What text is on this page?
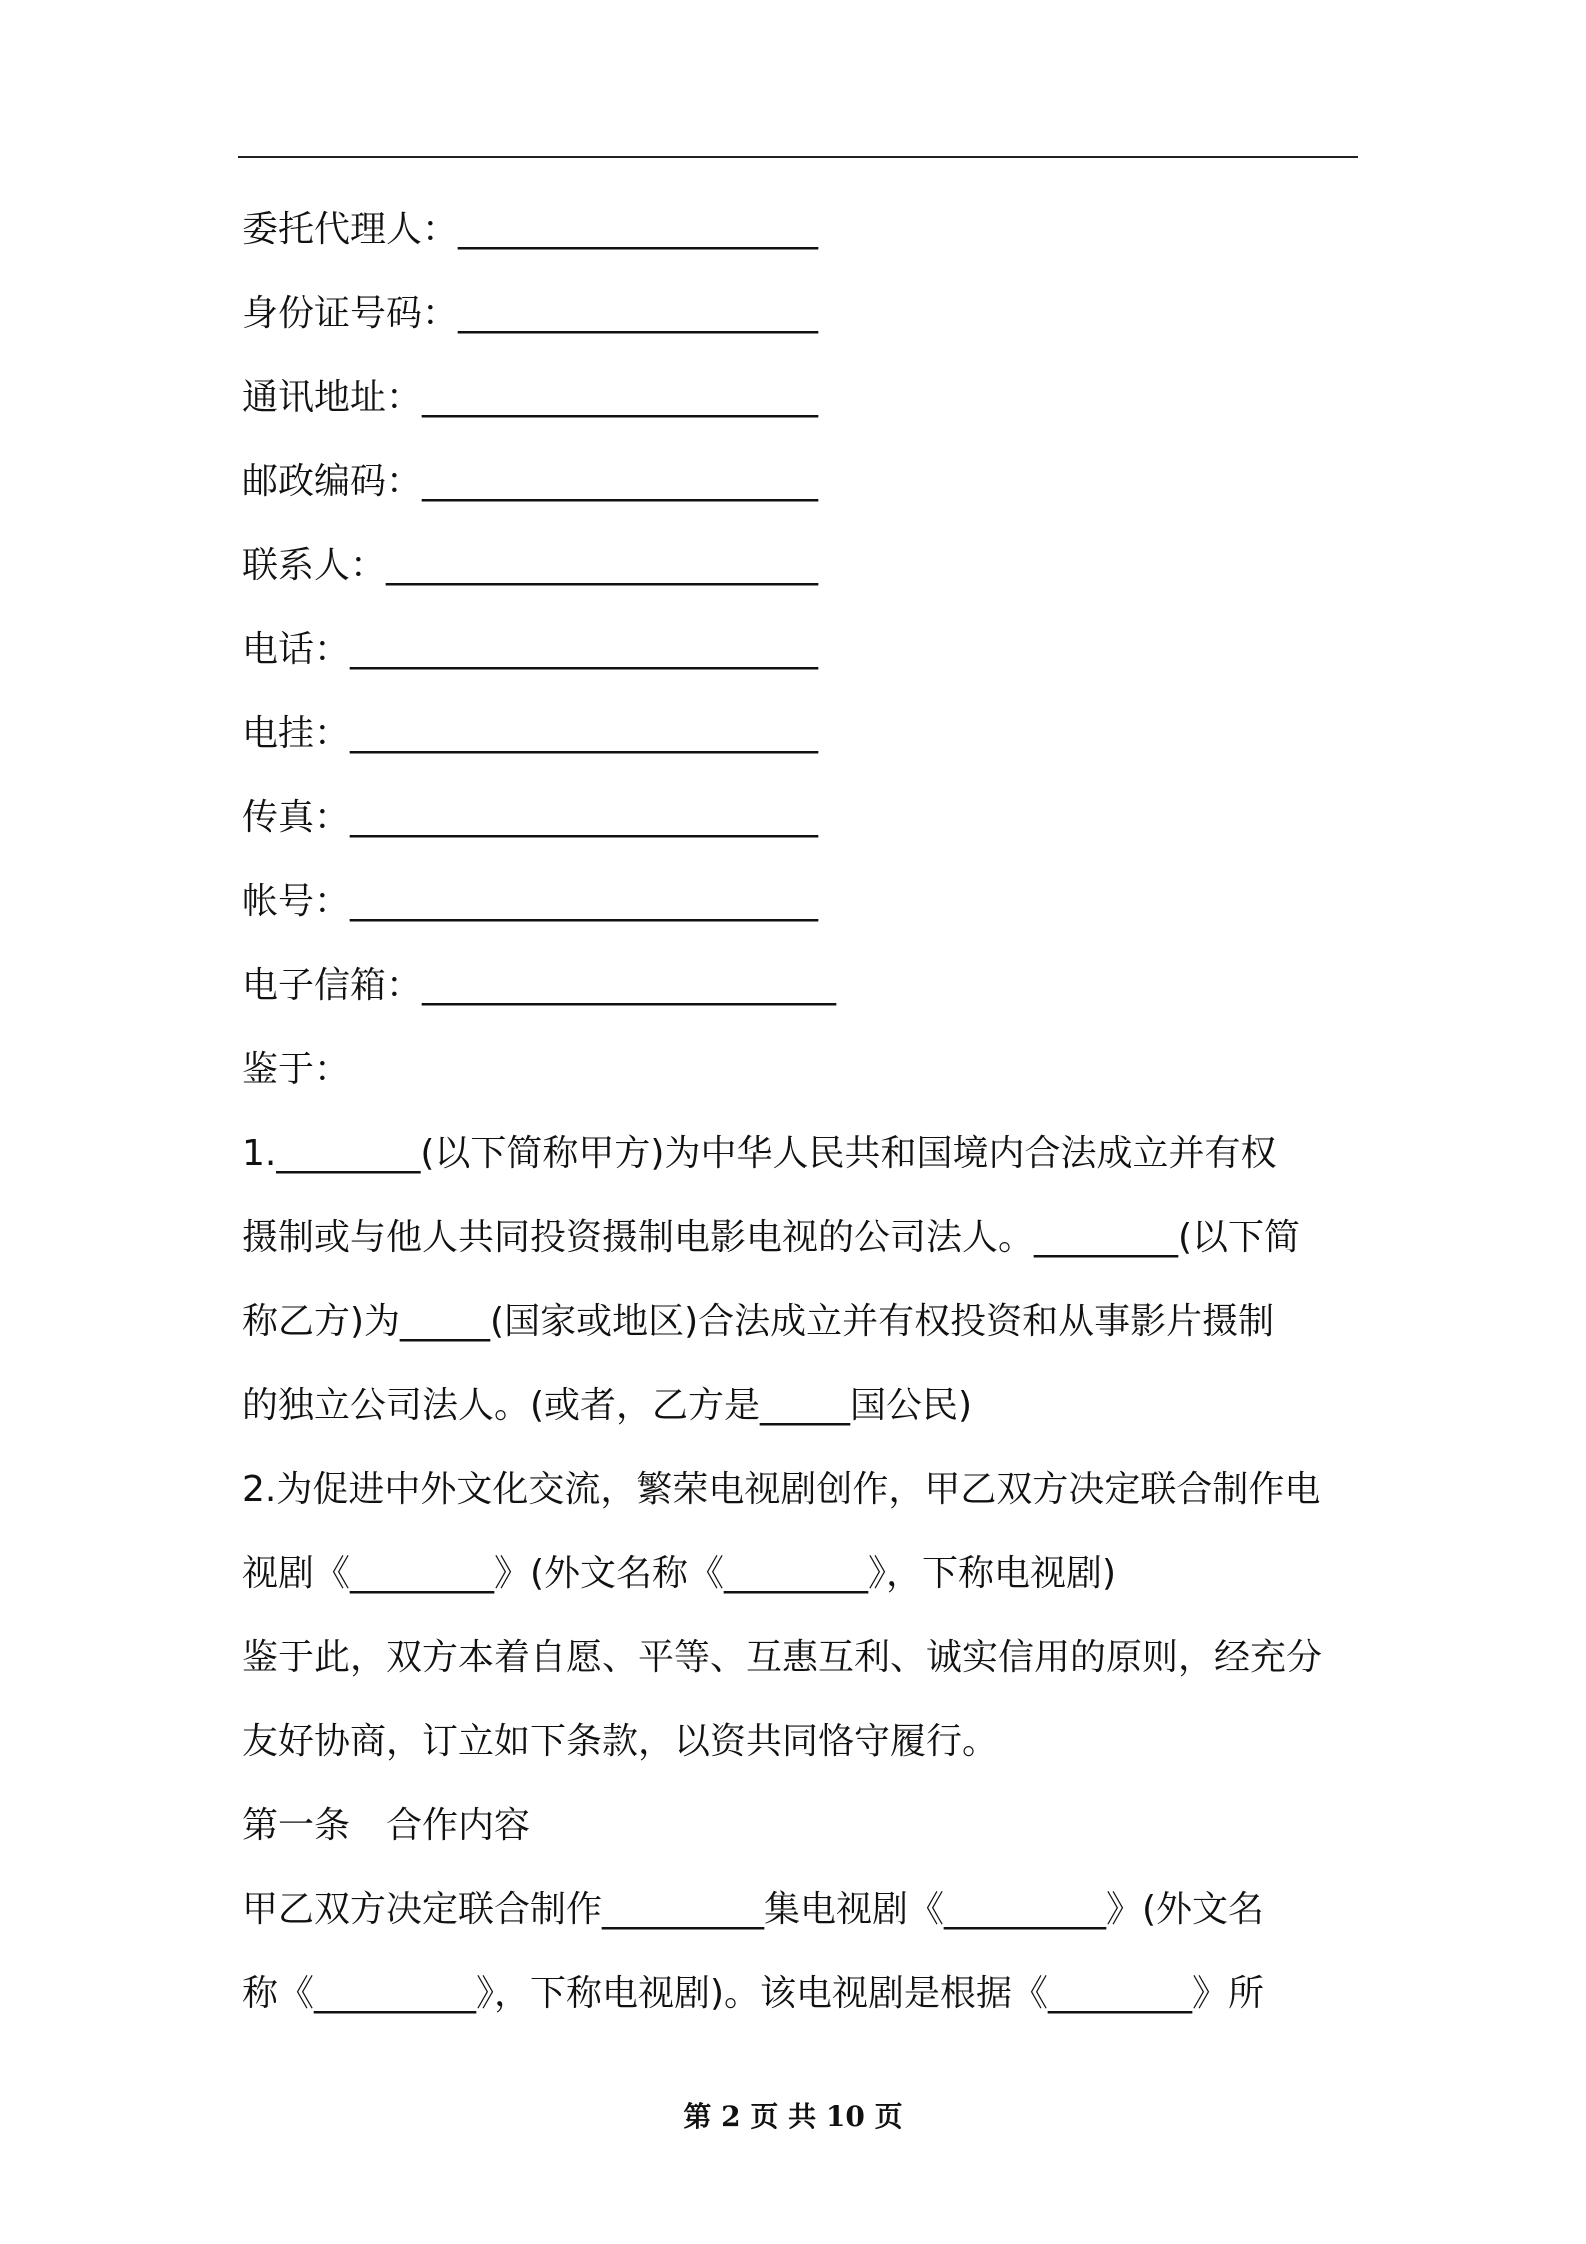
委托代理人：____________________
身份证号码：____________________
通讯地址：______________________
邮政编码：______________________
联系人：________________________
电话：__________________________
电挂：__________________________
传真：__________________________
帐号：__________________________
电子信箱：_______________________
鉴于：
1.________(以下简称甲方)为中华人民共和国境内合法成立并有权
摄制或与他人共同投资摄制电影电视的公司法人。________(以下简
称乙方)为_____(国家或地区)合法成立并有权投资和从事影片摄制
的独立公司法人。(或者，乙方是_____国公民)
2.为促进中外文化交流，繁荣电视剧创作，甲乙双方决定联合制作电
视剧《________》(外文名称《________》，下称电视剧)
鉴于此，双方本着自愿、平等、互惠互利、诚实信用的原则，经充分
友好协商，订立如下条款，以资共同恪守履行。
第一条　合作内容
甲乙双方决定联合制作_________集电视剧《_________》(外文名
称《_________》，下称电视剧)。该电视剧是根据《________》所
第 2 页 共 10 页
